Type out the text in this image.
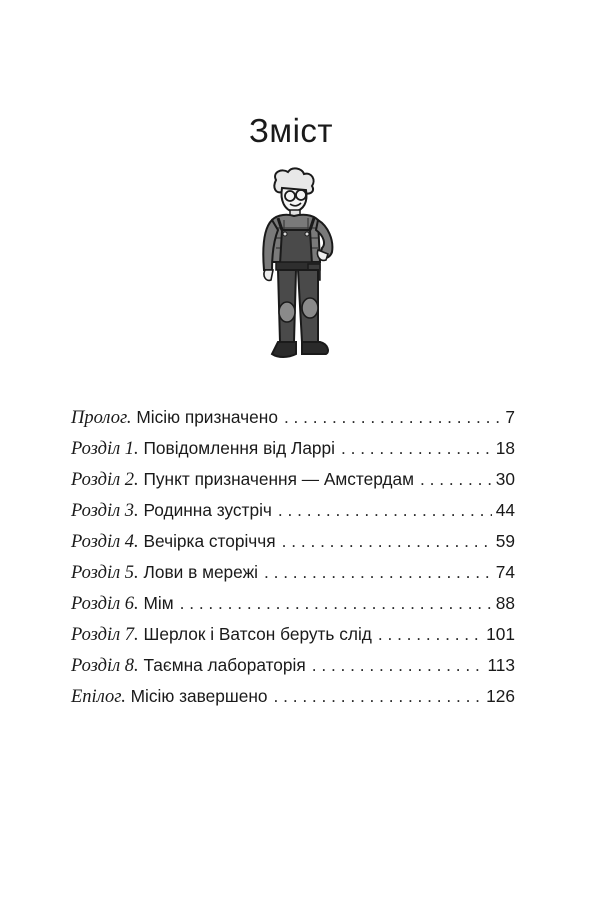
Зміст
Пролог. Місію призначено . . .	7
Розділ 1. Повідомлення від Ларрі . . .	18
Розділ 2. Пункт призначення — Амстердам . . .	30
Розділ 3. Родинна зустріч . . .	44
Розділ 4. Вечірка сторіччя . . .	59
Розділ 5. Лови в мережі . . .	74
Розділ 6. Мім . . .	88
Розділ 7. Шерлок і Ватсон беруть слід . . .	101
Розділ 8. Таємна лабораторія . . .	113
Епілог. Місію завершено . . .	126
